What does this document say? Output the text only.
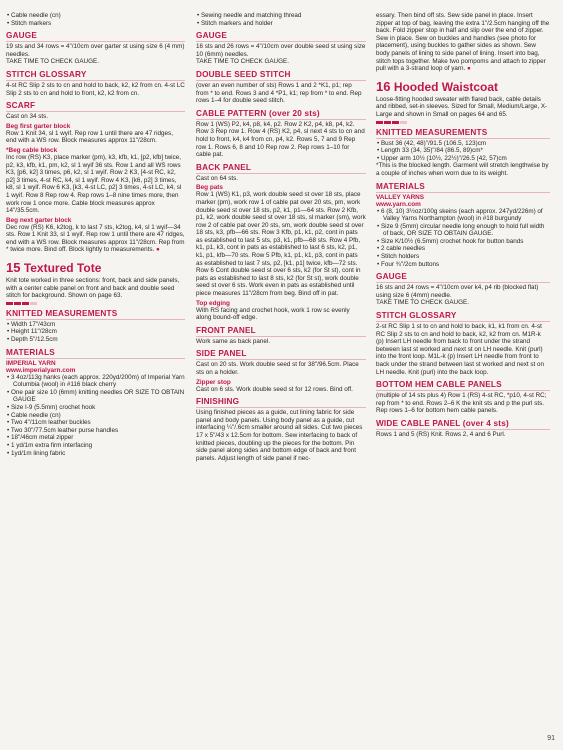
• Cable needle (cn)

• Stitch markers

GAUGE

19 sts and 34 rows = 4"/10cm over garter st using size 6 (4 mm) needles.

TAKE TIME TO CHECK GAUGE.

STITCH GLOSSARY

4-st RC Slip 2 sts to cn and hold to back, k2, k2 from cn. 4-st LC Slip 2 sts to cn and hold to front, k2, k2 from cn.

SCARF

Cast on 34 sts.

Beg first garter block

Row 1 Knit 34, sl 1 wyif. Rep row 1 until there are 47 ridges, end with a WS row. Block measures approx 11"/28cm.

*Beg cable block

Inc row (RS) K3, place marker (pm), k3, kfb, k1, [p2, kfb] twice, p2, k3, kfb, k1, pm, k2, sl 1 wyif 36 sts. Row 1 and all WS rows K3, [p6, k2] 3 times, p6, k2, sl 1 wyif. Row 2 K3, [4-st RC, k2, p2] 3 times, 4-st RC, k4, sl 1 wyif. Row 4 K3, [k6, p2] 3 times, k8, sl 1 wyif. Row 6 K3, [k3, 4-st LC, p2] 3 times, 4-st LC, k4, sl 1 wyif. Row 8 Rep row 4. Rep rows 1–8 nine times more, then work row 1 once more. Cable block measures approx 14"/35.5cm.

Beg next garter block

Dec row (RS) K6, k2tog, k to last 7 sts, k2tog, k4, sl 1 wyif—34 sts. Row 1 Knit 33, sl 1 wyif. Rep row 1 until there are 47 ridges, end with a WS row. Block measures approx 11"/28cm. Rep from * twice more. Bind off. Block lightly to measurements. ●

15 Textured Tote

Knit tote worked in three sections: front, back and side panels, with a center cable panel on front and back and double seed stitch for background. Shown on page 63.

KNITTED MEASUREMENTS

• Width 17"/43cm

• Height 11"/28cm

• Depth 5"/12.5cm

MATERIALS

IMPERIAL YARN

www.imperialyarn.com

• 3 4oz/113g hanks (each approx. 220yd/200m) of Imperial Yarn Columbia (wool) in #116 black cherry

• One pair size 10 (6mm) knitting needles OR SIZE TO OBTAIN GAUGE

• Size I-9 (5.5mm) crochet hook

• Cable needle (cn)

• Two 4"/11cm leather buckles

• Two 30"/77.5cm leather purse handles

• 18"/46cm metal zipper

• 1 yd/1m extra firm interfacing

• 1yd/1m lining fabric

• Sewing needle and matching thread

• Stitch markers and holder

GAUGE

16 sts and 26 rows = 4"/10cm over double seed st using size 10 (6mm) needles.

TAKE TIME TO CHECK GAUGE.

DOUBLE SEED STITCH

(over an even number of sts) Rows 1 and 2 *K1, p1; rep from * to end. Rows 3 and 4 *P1, k1; rep from * to end. Rep rows 1–4 for double seed stitch.

CABLE PATTERN (over 20 sts)

Row 1 (WS) P2, k4, p8, k4, p2. Row 2 K2, p4, k8, p4, k2. Row 3 Rep row 1. Row 4 (RS) K2, p4, sl next 4 sts to cn and hold to front, k4, k4 from cn, p4, k2. Rows 5, 7 and 9 Rep row 1. Rows 6, 8 and 10 Rep row 2. Rep rows 1–10 for cable pat.

BACK PANEL

Cast on 64 sts.

Beg pats

Row 1 (WS) K1, p3, work double seed st over 18 sts, place marker (pm), work row 1 of cable pat over 20 sts, pm, work double seed st over 18 sts, p2, k1, p1—64 sts. Row 2 Kfb, p1, k2, work double seed st over 18 sts, sl marker (sm), work row 2 of cable pat over 20 sts, sm, work double seed st over 18 sts, k3, pfb—66 sts. Row 3 Kfb, p1, k1, p2, cont in pats as established to last 5 sts, p3, k1, pfb—68 sts. Row 4 Pfb, k1, p1, k3, cont in pats as established to last 6 sts, k2, p1, k1, p1, kfb—70 sts. Row 5 Pfb, k1, p1, k1, p3, cont in pats as established to last 7 sts, p2, [k1, p1] twice, kfb—72 sts. Row 6 Cont double seed st over 6 sts, k2 (for St st), cont in pats as established to last 8 sts, k2 (for St st), work double seed st over 6 sts. Work even in pats as established until piece measures 11"/28cm from beg. Bind off in pat.

Top edging

With RS facing and crochet hook, work 1 row sc evenly along bound-off edge.

FRONT PANEL

Work same as back panel.

SIDE PANEL

Cast on 20 sts. Work double seed st for 38"/96.5cm. Place sts on a holder.

Zipper stop

Cast on 6 sts. Work double seed st for 12 rows. Bind off.

FINISHING

Using finished pieces as a guide, cut lining fabric for side panel and body panels. Using body panel as a guide, cut interfacing ¼"/.6cm smaller around all sides. Cut two pieces 17 x 5"/43 x 12.5cm for bottom. Sew interfacing to back of knitted pieces, doubling up the pieces for the bottom. Pin side panel along sides and bottom edge of back and front panels. Adjust length of side panel if nec-

essary. Then bind off sts. Sew side panel in place. Insert zipper at top of bag, leaving the extra 1"/2.5cm hanging off the back. Fold zipper stop in half and slip over the end of zipper. Sew in place. Sew on buckles and handles (see photo for placement), using buckles to gather sides as shown. Sew body panels of lining to side panel of lining. Insert into bag, stitch tops together. Make two pompoms and attach to zipper pull with a 3-strand loop of yarn. ●

16 Hooded Waistcoat

Loose-fitting hooded sweater with flared back, cable details and ribbed, set-in sleeves. Sized for Small, Medium/Large, X-Large and shown in Small on pages 64 and 65.

KNITTED MEASUREMENTS

• Bust 36 (42, 48)"/91.5 (106.5, 123)cm

• Length 33 (34, 35)"/84 (86.5, 89)cm*

• Upper arm 10½ (10½, 22½)"/26.5 (42, 57)cm

*This is the blocked length. Garment will stretch lengthwise by a couple of inches when worn due to its weight.

MATERIALS

VALLEY YARNS

www.yarn.com

• 6 (8, 10) 3½oz/100g skeins (each approx. 247yd/226m) of Valley Yarns Northampton (wool) in #18 burgundy

• Size 9 (5mm) circular needle long enough to hold full width of back, OR SIZE TO OBTAIN GAUGE.

• Size K/10½ (6.5mm) crochet hook for button bands

• 2 cable needles

• Stitch holders

• Four ¾"/2cm buttons

GAUGE

16 sts and 24 rows = 4"/10cm over k4, p4 rib (blocked flat) using size 6 (4mm) needle.

TAKE TIME TO CHECK GAUGE.

STITCH GLOSSARY

2-st RC Slip 1 st to cn and hold to back, k1, k1 from cn. 4-st RC Slip 2 sts to cn and hold to back, k2, k2 from cn. M1R-k (p) Insert LH needle from back to front under the strand between last st worked and next st on LH needle. Knit (purl) into the front loop. M1L-k (p) Insert LH needle from front to back under the strand between last st worked and next st on LH needle. Knit (purl) into the back loop.

BOTTOM HEM CABLE PANELS

(multiple of 14 sts plus 4) Row 1 (RS) 4-st RC, *p10, 4-st RC; rep from * to end. Rows 2–6 K the knit sts and p the purl sts. Rep rows 1–6 for bottom hem cable panels.

WIDE CABLE PANEL (over 4 sts)

Rows 1 and 5 (RS) Knit. Rows 2, 4 and 6 Purl.

91
